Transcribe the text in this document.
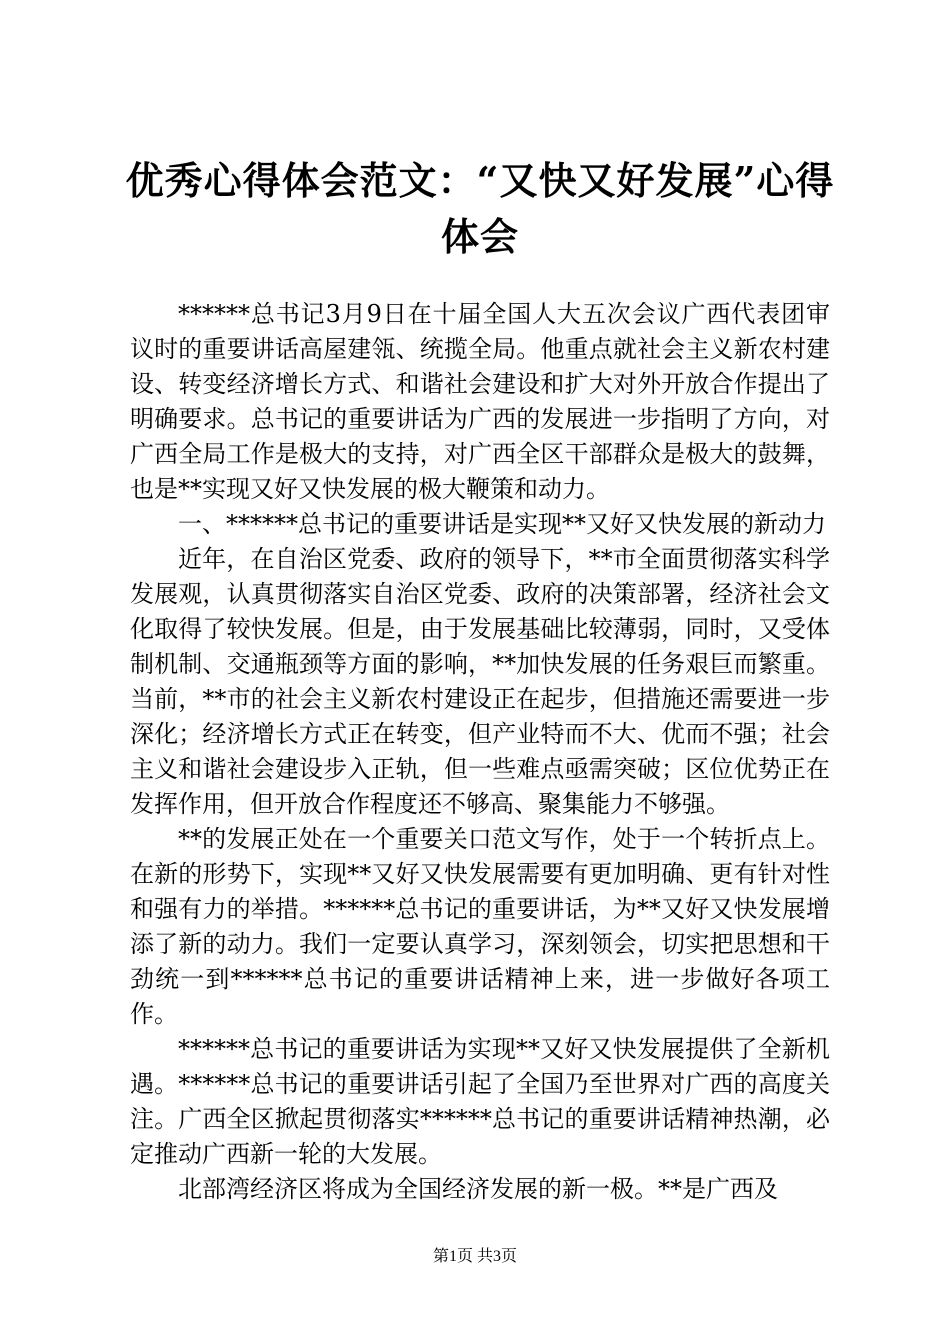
优秀心得体会范文：“又快又好发展”心得体会

******总书记3月9日在十届全国人大五次会议广西代表团审议时的重要讲话高屋建瓴、统揽全局。他重点就社会主义新农村建设、转变经济增长方式、和谐社会建设和扩大对外开放合作提出了明确要求。总书记的重要讲话为广西的发展进一步指明了方向，对广西全局工作是极大的支持，对广西全区干部群众是极大的鼓舞，也是**实现又好又快发展的极大鞭策和动力。

一、******总书记的重要讲话是实现**又好又快发展的新动力

近年，在自治区党委、政府的领导下，**市全面贯彻落实科学发展观，认真贯彻落实自治区党委、政府的决策部署，经济社会文化取得了较快发展。但是，由于发展基础比较薄弱，同时，又受体制机制、交通瓶颈等方面的影响，**加快发展的任务艰巨而繁重。当前，**市的社会主义新农村建设正在起步，但措施还需要进一步深化；经济增长方式正在转变，但产业特而不大、优而不强；社会主义和谐社会建设步入正轨，但一些难点亟需突破；区位优势正在发挥作用，但开放合作程度还不够高、聚集能力不够强。

**的发展正处在一个重要关口范文写作，处于一个转折点上。在新的形势下，实现**又好又快发展需要有更加明确、更有针对性和强有力的举措。******总书记的重要讲话，为**又好又快发展增添了新的动力。我们一定要认真学习，深刻领会，切实把思想和干劲统一到******总书记的重要讲话精神上来，进一步做好各项工作。

******总书记的重要讲话为实现**又好又快发展提供了全新机遇。******总书记的重要讲话引起了全国乃至世界对广西的高度关注。广西全区掀起贯彻落实******总书记的重要讲话精神热潮，必定推动广西新一轮的大发展。

北部湾经济区将成为全国经济发展的新一极。**是广西及

第1页 共3页
